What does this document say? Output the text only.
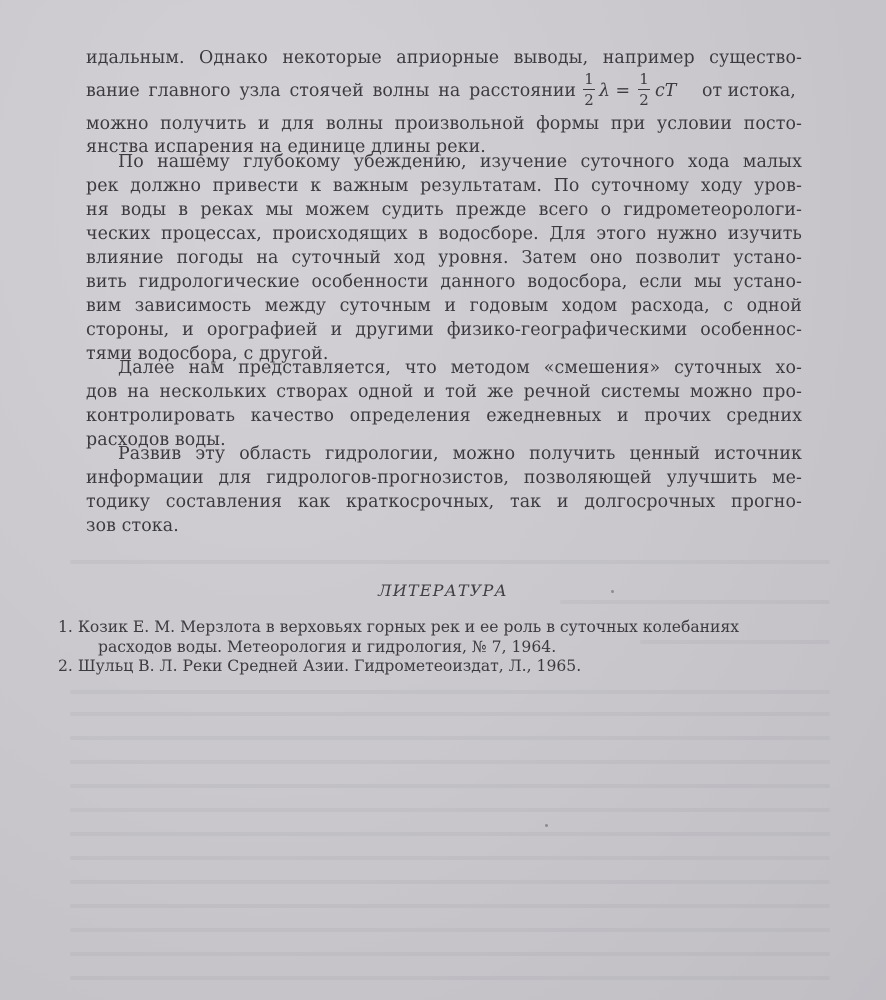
идальным. Однако некоторые априорные выводы, например существо-
вание главного узла стоячей волны на расстоянии
1
2 λ =
1
2 cT от истока,
можно получить и для волны произвольной формы при условии посто-
янства испарения на единице длины реки.
По нашему глубокому убеждению, изучение суточного хода малых
рек должно привести к важным результатам. По суточному ходу уров-
ня воды в реках мы можем судить прежде всего о гидрометеорологи-
ческих процессах, происходящих в водосборе. Для этого нужно изучить
влияние погоды на суточный ход уровня. Затем оно позволит устано-
вить гидрологические особенности данного водосбора, если мы устано-
вим зависимость между суточным и годовым ходом расхода, с одной
стороны, и орографией и другими физико-географическими особеннос-
тями водосбора, с другой.
Далее нам представляется, что методом «смешения» суточных хо-
дов на нескольких створах одной и той же речной системы можно про-
контролировать качество определения ежедневных и прочих средних
расходов воды.
Развив эту область гидрологии, можно получить ценный источник
информации для гидрологов-прогнозистов, позволяющей улучшить ме-
тодику составления как краткосрочных, так и долгосрочных прогно-
зов стока.
ЛИТЕРАТУРА
1. Козик Е. М. Мерзлота в верховьях горных рек и ее роль в суточных колебаниях
расходов воды. Метеорология и гидрология, № 7, 1964.
2. Шульц В. Л. Реки Средней Азии. Гидрометеоиздат, Л., 1965.
